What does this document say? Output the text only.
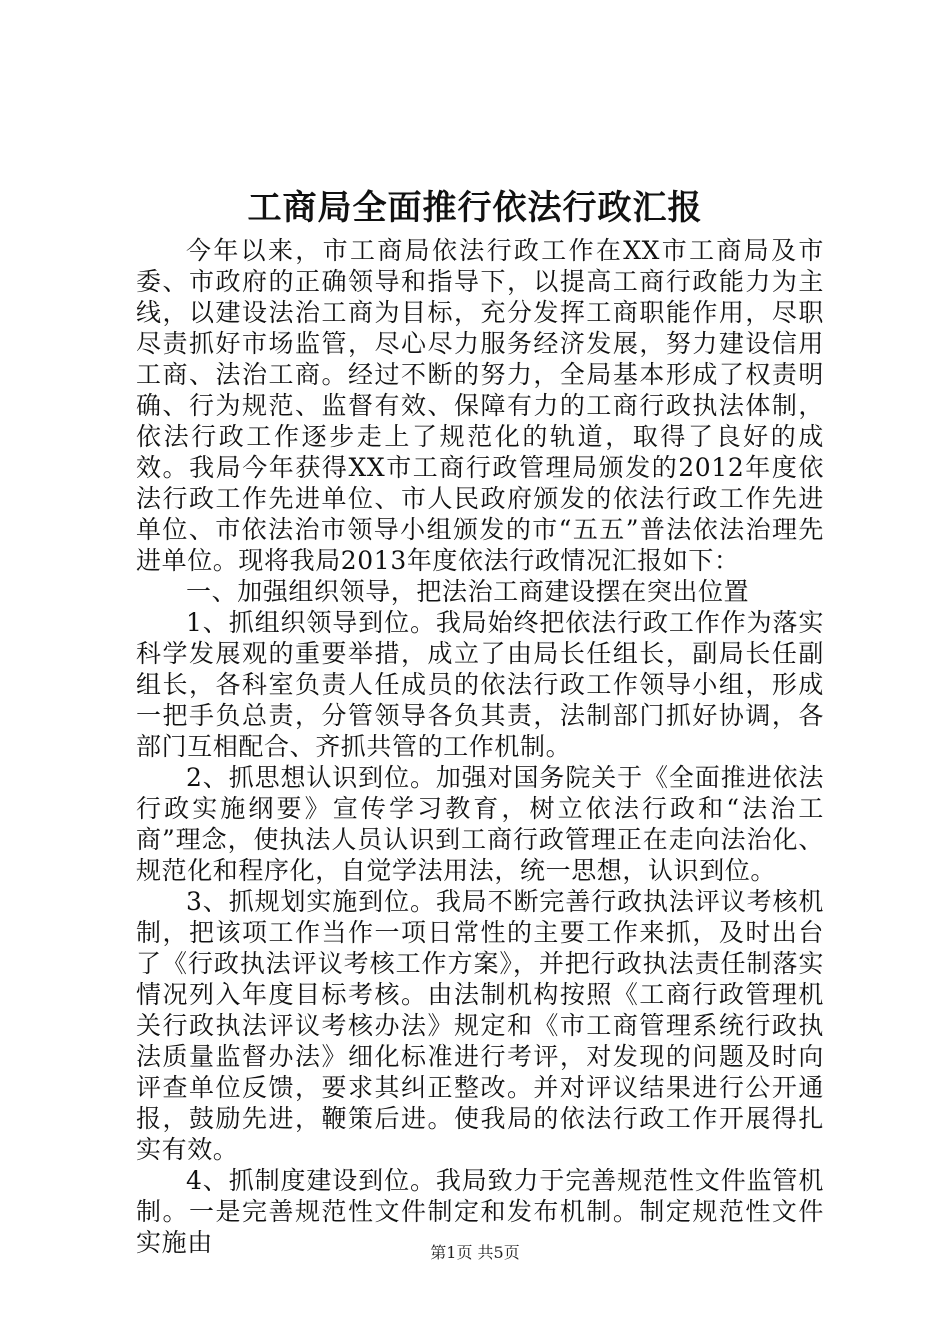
工商局全面推行依法行政汇报

今年以来，市工商局依法行政工作在XX市工商局及市委、市政府的正确领导和指导下，以提高工商行政能力为主线，以建设法治工商为目标，充分发挥工商职能作用，尽职尽责抓好市场监管，尽心尽力服务经济发展，努力建设信用工商、法治工商。经过不断的努力，全局基本形成了权责明确、行为规范、监督有效、保障有力的工商行政执法体制，依法行政工作逐步走上了规范化的轨道，取得了良好的成效。我局今年获得XX市工商行政管理局颁发的2012年度依法行政工作先进单位、市人民政府颁发的依法行政工作先进单位、市依法治市领导小组颁发的市“五五”普法依法治理先进单位。现将我局2013年度依法行政情况汇报如下：

一、加强组织领导，把法治工商建设摆在突出位置

1、抓组织领导到位。我局始终把依法行政工作作为落实科学发展观的重要举措，成立了由局长任组长，副局长任副组长，各科室负责人任成员的依法行政工作领导小组，形成一把手负总责，分管领导各负其责，法制部门抓好协调，各部门互相配合、齐抓共管的工作机制。

2、抓思想认识到位。加强对国务院关于《全面推进依法行政实施纲要》宣传学习教育，树立依法行政和“法治工商”理念，使执法人员认识到工商行政管理正在走向法治化、规范化和程序化，自觉学法用法，统一思想，认识到位。

3、抓规划实施到位。我局不断完善行政执法评议考核机制，把该项工作当作一项日常性的主要工作来抓，及时出台了《行政执法评议考核工作方案》，并把行政执法责任制落实情况列入年度目标考核。由法制机构按照《工商行政管理机关行政执法评议考核办法》规定和《市工商管理系统行政执法质量监督办法》细化标准进行考评，对发现的问题及时向评查单位反馈，要求其纠正整改。并对评议结果进行公开通报，鼓励先进，鞭策后进。使我局的依法行政工作开展得扎实有效。

4、抓制度建设到位。我局致力于完善规范性文件监管机制。一是完善规范性文件制定和发布机制。制定规范性文件实施由	第1页 共5页
